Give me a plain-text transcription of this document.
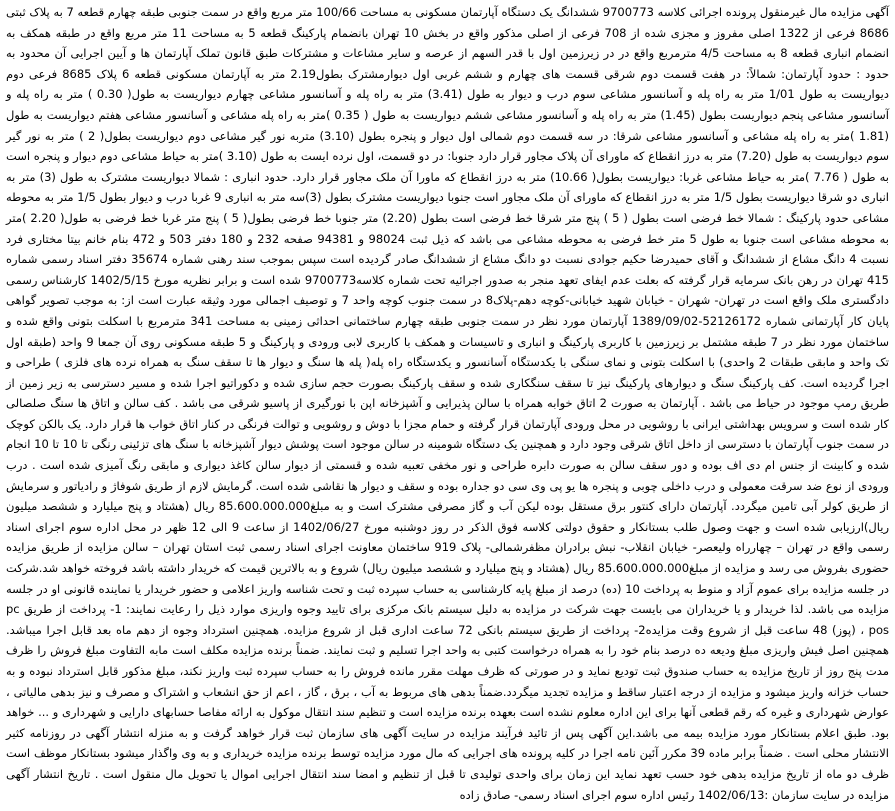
آگهی مزایده مال غیرمنقول پرونده اجرائی کلاسه 9700773 ششدانگ یک دستگاه آپارتمان مسکونی به مساحت 100/66 متر مربع واقع در سمت جنوبی طبقه چهارم قطعه 7 به پلاک ثبتی 8686 فرعی از 1322 اصلی مفروز و مجزی شده از 708 فرعی از اصلی مذکور واقع در بخش 10 تهران بانضمام پارکینگ قطعه 5 به مساحت 11 متر مربع واقع در طبقه همکف به انضمام انباری قطعه 8 به مساحت 4/5 مترمربع واقع در در زیرزمین اول با قدر السهم از عرصه و سایر مشاعات و مشترکات طبق قانون تملک آپارتمان ها و آیین اجرایی آن محدود به حدود : حدود آپارتمان: شمالاً: در هفت قسمت دوم شرقی قسمت های چهارم و ششم غربی اول دیوارمشترک بطول2.19 متر به آپارتمان مسکونی قطعه 6 پلاک 8685 فرعی دوم دیواریست به طول 1/01 متر به راه پله و آسانسور مشاعی سوم درب و دیوار به طول (3.41) متر به راه پله و آسانسور مشاعی چهارم دیواریست به طول( 0.30 ) متر به راه پله و آسانسور مشاعی پنجم دیواریست بطول (1.45) متر به راه پله و آسانسور مشاعی ششم دیواریست به طول ( 0.35 )متر به راه پله مشاعی و آسانسور مشاعی هفتم دیواریست به طول (1.81 )متر به راه پله مشاعی و آسانسور مشاعی شرقا: در سه قسمت دوم شمالی اول دیوار و پنجره بطول (3.10) متربه نور گیر مشاعی دوم دیواریست بطول( 2 ) متر به نور گیر سوم دیواریست به طول (7.20) متر به درز انقطاع که ماورای آن پلاک مجاور قرار دارد جنوبا: در دو قسمت، اول نرده ایست به طول (3.10 )متر به حیاط مشاعی دوم دیوار و پنجره است به طول ( 7.76 )متر به حیاط مشاعی غربا: دیواریست بطول( 10.66) متر به درز انقطاع که ماورا آن ملک مجاور قرار دارد. حدود انباری : شمالا دیواریست مشترک به طول (3) متر به انباری دو شرقا دیواریست بطول 1/5 متر به درز انقطاع که ماورای آن ملک مجاور است جنوبا دیواریست مشترک بطول (3)سه متر به انباری 9 غربا درب و دیوار بطول 1/5 متر به محوطه مشاعی حدود پارکینگ : شمالا خط فرضی است بطول ( 5 ) پنج متر شرقا خط فرضی است بطول (2.20) متر جنوبا خط فرضی بطول( 5 ) پنج متر غربا خط فرضی به طول( 2.20 )متر به محوطه مشاعی است جنوبا به طول 5 متر خط فرضی به محوطه مشاعی می باشد که ذیل ثبت 98024 و 94381 صفحه 232 و 180 دفتر 503 و 472 بنام خانم بیتا مختاری فرد نسبت 4 دانگ مشاع از ششدانگ و آقای حمیدرضا حکیم جوادی نسبت دو دانگ مشاع از ششدانگ صادر گردیده است سپس بموجب سند رهنی شماره 35674 دفتر اسناد رسمی شماره 415 تهران در رهن بانک سرمایه قرار گرفته که بعلت عدم ایفای تعهد منجر به صدور اجرائیه تحت شماره کلاسه9700773 شده است و برابر نظریه مورخ 1402/5/15 کارشناس رسمی دادگستری ملک واقع است در تهران- شهران - خیابان شهید خیابانی-کوچه دهم-پلاک8 در سمت جنوب کوچه واحد 7 و توصیف اجمالی مورد وثیقه عبارت است از: به موجب تصویر گواهی پایان کار آپارتمانی شماره 52126172-1389/09/02 آپارتمان مورد نظر در سمت جنوبی طبقه چهارم ساختمانی احداثی زمینی به مساحت 341 مترمربع با اسکلت بتونی واقع شده و ساختمان مورد نظر در 7 طبقه مشتمل بر زیرزمین با کاربری پارکینگ و انباری و تاسیسات و همکف با کاربری لابی ورودی و پارکینگ و 5 طبقه مسکونی روی آن جمعا 9 واحد (طبقه اول تک واحد و مابقی طبقات 2 واحدی) با اسکلت بتونی و نمای سنگی با یکدستگاه آسانسور و یکدستگاه راه پله( پله ها سنگ و دیوار ها تا سقف سنگ به همراه نرده های فلزی ) طراحی و اجرا گردیده است. کف پارکینگ سنگ و دیوارهای پارکینگ نیز تا سقف سنگکاری شده و سقف پارکینگ بصورت حجم سازی شده و دکوراتیو اجرا شده و مسیر دسترسی به زیر زمین از طریق رمپ موجود در حیاط می باشد . آپارتمان به صورت 2 اتاق خوابه همراه با سالن پذیرایی و آشپزخانه اپن با نورگیری از پاسیو شرقی می باشد . کف سالن و اتاق ها سنگ صلصالی کار شده است و سرویس بهداشتی ایرانی با روشویی در محل ورودی آپارتمان قرار گرفته و حمام مجزا با دوش و روشویی و توالت فرنگی در کنار اتاق خواب ها قرار دارد. یک بالکن کوچک در سمت جنوب آپارتمان با دسترسی از داخل اتاق شرقی وجود دارد و همچنین یک دستگاه شومینه در سالن موجود است پوشش دیوار آشپزخانه با سنگ های تزئینی رنگی تا 10 تا 10 انجام شده و کابینت از جنس ام دی اف بوده و دور سقف سالن به صورت دابره طراحی و نور مخفی تعبیه شده و قسمتی از دیوار سالن کاغذ دیواری و مابقی رنگ آمیزی شده است . درب ورودی از نوع ضد سرقت معمولی و درب داخلی چوبی و پنجره ها یو پی وی سی دو جداره بوده و سقف و دیوار ها نقاشی شده است. گرمایش لازم از طریق شوفاژ و رادیاتور و سرمایش از طریق کولر آبی تامین میگردد. آپارتمان دارای کنتور برق مستقل بوده لیکن آب و گاز مصرفی مشترک است و به مبلغ85.600.000.000 ریال (هشتاد و پنج میلیارد و ششصد میلیون ریال)ارزیابی شده است و جهت وصول طلب بستانکار و حقوق دولتی کلاسه فوق الذکر در روز دوشنبه مورخ 1402/06/27 از ساعت 9 الی 12 ظهر در محل اداره سوم اجرای اسناد رسمی واقع در تهران – چهارراه ولیعصر- خیابان انقلاب- نبش برادران مظفرشمالی- پلاک 919 ساختمان معاونت اجرای اسناد رسمی ثبت استان تهران – سالن مزایده از طریق مزایده حضوری بفروش می رسد و مزایده از مبلغ85.600.000.000 ریال (هشتاد و پنج میلیارد و ششصد میلیون ریال) شروع و به بالاترین قیمت که خریدار داشته باشد فروخته خواهد شد.شرکت در جلسه مزایده برای عموم آزاد و منوط به پرداخت 10 (ده) درصد از مبلغ پایه کارشناسی به حساب سپرده ثبت و تحت شناسه واریز اعلامی و حضور خریدار یا نماینده قانونی او در جلسه مزایده می باشد. لذا خریدار و یا خریداران می بایست جهت شرکت در مزایده به دلیل سیستم بانک مرکزی برای تایید وجوه واریزی موارد ذیل را رعایت نمایند: 1- پرداخت از طریق pc pos ، (پوز) 48 ساعت قبل از شروع وقت مزایده2- پرداخت از طریق سیستم بانکی 72 ساعت اداری قبل از شروع مزایده. همچنین استرداد وجوه از دهم ماه بعد قابل اجرا میباشد. همچنین اصل فیش واریزی مبلغ ودیعه ده درصد بنام خود را به همراه درخواست کتبی به واحد اجرا تسلیم و ثبت نمایند. ضمناً برنده مزایده مکلف است مابه التفاوت مبلغ فروش را ظرف مدت پنج روز از تاریخ مزایده به حساب صندوق ثبت تودیع نماید و در صورتی که ظرف مهلت مقرر مانده فروش را به حساب سپرده ثبت واریز نکند، مبلغ مذکور قابل استرداد نبوده و به حساب خزانه واریز میشود و مزایده از درجه اعتبار ساقط و مزایده تجدید میگردد.ضمناً بدهی های مربوط به آب ، برق ، گاز ، اعم از حق انشعاب و اشتراک و مصرف و نیز بدهی مالیاتی ، عوارض شهرداری و غیره که رقم قطعی آنها برای این اداره معلوم نشده است بعهده برنده مزایده است و تنظیم سند انتقال موکول به ارائه مفاصا حسابهای دارایی و شهرداری و ... خواهد بود. طبق اعلام بستانکار مورد مزایده بیمه می باشد.این آگهی پس از تائید فرآیند مزایده در سایت آگهی های سازمان ثبت قرار خواهد گرفت و به منزله انتشار آگهی در روزنامه کثیر الانتشار محلی است . ضمناً برابر ماده 39 مکرر آئین نامه اجرا در کلیه پرونده های اجرایی که مال مورد مزایده توسط برنده مزایده خریداری و به وی واگذار میشود بستانکار موظف است ظرف دو ماه از تاریخ مزایده بدهی خود حسب تعهد نماید این زمان برای واحدی تولیدی تا قبل از تنظیم و امضا سند انتقال اجرایی اموال یا تحویل مال منقول است . تاریخ انتشار آگهی مزایده در سایت سازمان :1402/06/13 رئیس اداره سوم اجرای اسناد رسمی- صادق زاده
